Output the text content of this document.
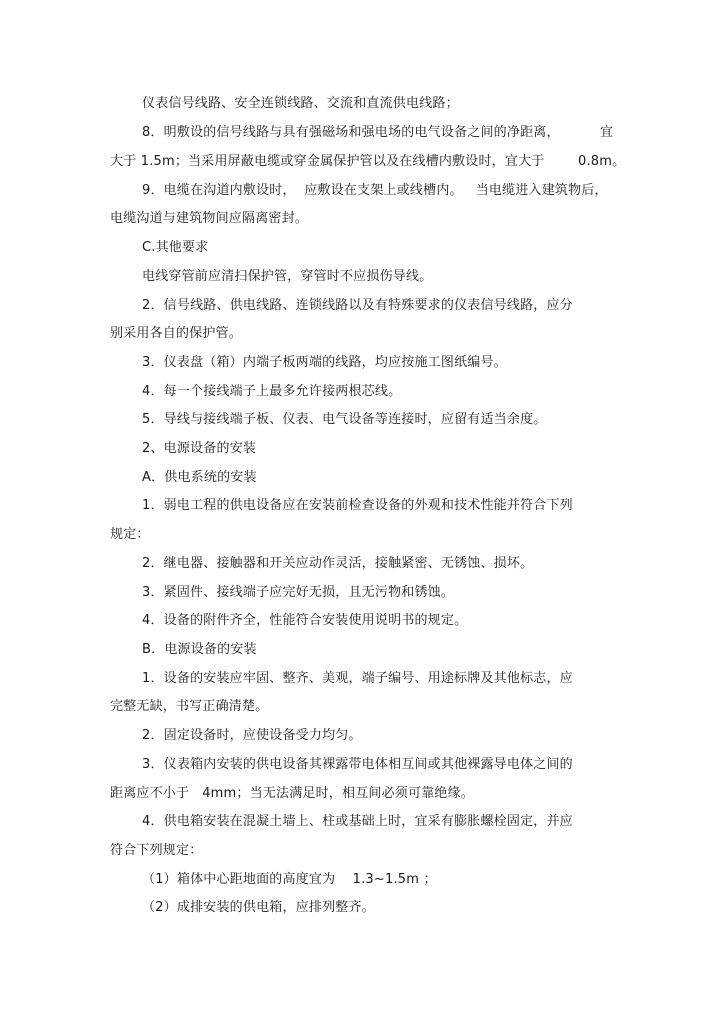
仪表信号线路、安全连锁线路、交流和直流供电线路；
8．明敷设的信号线路与具有强磁场和强电场的电气设备之间的净距离，	宜
大于 1.5m；当采用屏蔽电缆或穿金属保护管以及在线槽内敷设时，宜大于	0.8m。
9．电缆在沟道内敷设时，  应敷设在支架上或线槽内。   当电缆进入建筑物后，
电缆沟道与建筑物间应隔离密封。
C.其他要求
电线穿管前应清扫保护管，穿管时不应损伤导线。
2．信号线路、供电线路、连锁线路以及有特殊要求的仪表信号线路，应分
别采用各自的保护管。
3．仪表盘（箱）内端子板两端的线路，均应按施工图纸编号。
4．每一个接线端子上最多允许接两根芯线。
5．导线与接线端子板、仪表、电气设备等连接时，应留有适当余度。
2、电源设备的安装
A．供电系统的安装
1．弱电工程的供电设备应在安装前检查设备的外观和技术性能并符合下列
规定：
2．继电器、接触器和开关应动作灵活，接触紧密、无锈蚀、损坏。
3．紧固件、接线端子应完好无损，且无污物和锈蚀。
4．设备的附件齐全，性能符合安装使用说明书的规定。
B．电源设备的安装
1．设备的安装应牢固、整齐、美观，端子编号、用途标牌及其他标志，应
完整无缺，书写正确清楚。
2．固定设备时，应使设备受力均匀。
3．仪表箱内安装的供电设备其裸露带电体相互间或其他裸露导电体之间的
距离应不小于   4mm；当无法满足时，相互间必须可靠绝缘。
4．供电箱安装在混凝土墙上、柱或基础上时，宜采有膨胀螺栓固定，并应
符合下列规定：
（1）箱体中心距地面的高度宜为    1.3~1.5m ；
（2）成排安装的供电箱，应排列整齐。
